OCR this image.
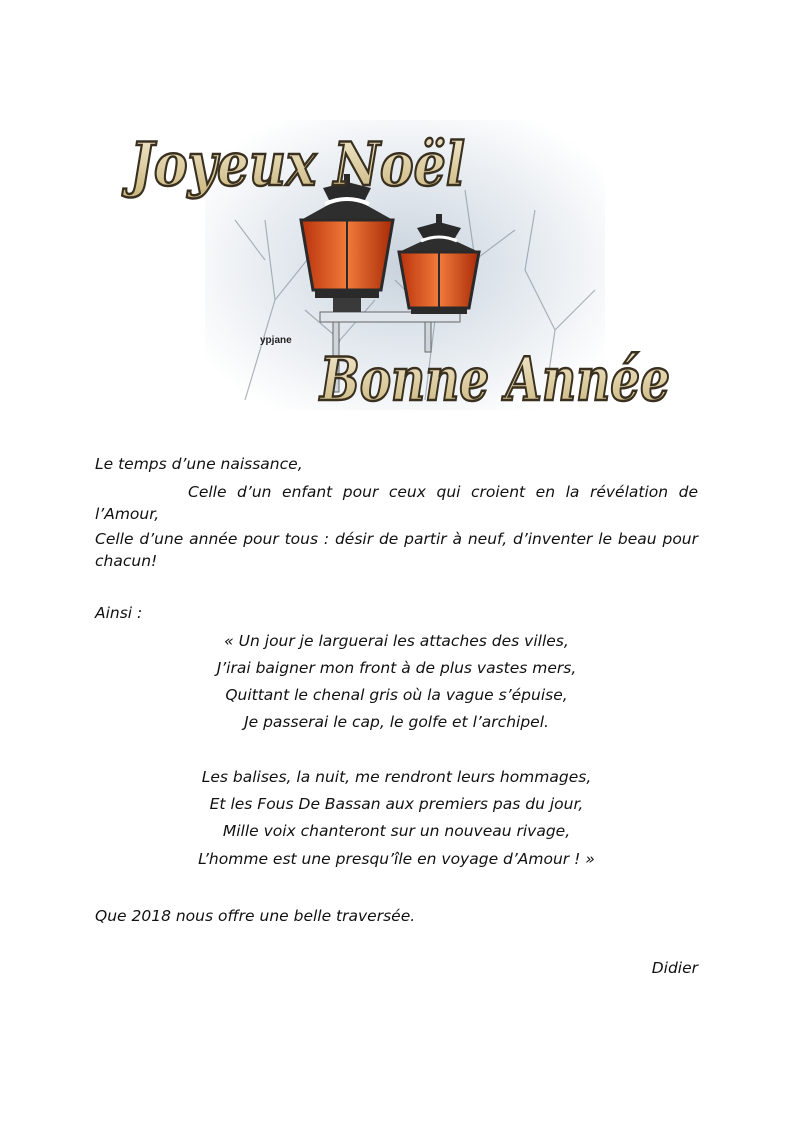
Joyeux Noël
ypjane
Bonne Année

Le temps d’une naissance,

Celle d’un enfant pour ceux qui croient en la révélation de l’Amour,

Celle d’une année pour tous : désir de partir à neuf, d’inventer le beau pour chacun!

Ainsi :

« Un jour je larguerai les attaches des villes,

J’irai baigner mon front à de plus vastes mers,

Quittant le chenal gris où la vague s’épuise,

Je passerai le cap, le golfe et l’archipel.

Les balises, la nuit, me rendront leurs hommages,

Et les Fous De Bassan aux premiers pas du jour,

Mille voix chanteront sur un nouveau rivage,

L’homme est une presqu’île en voyage d’Amour ! »

Que 2018 nous offre une belle traversée.

Didier
